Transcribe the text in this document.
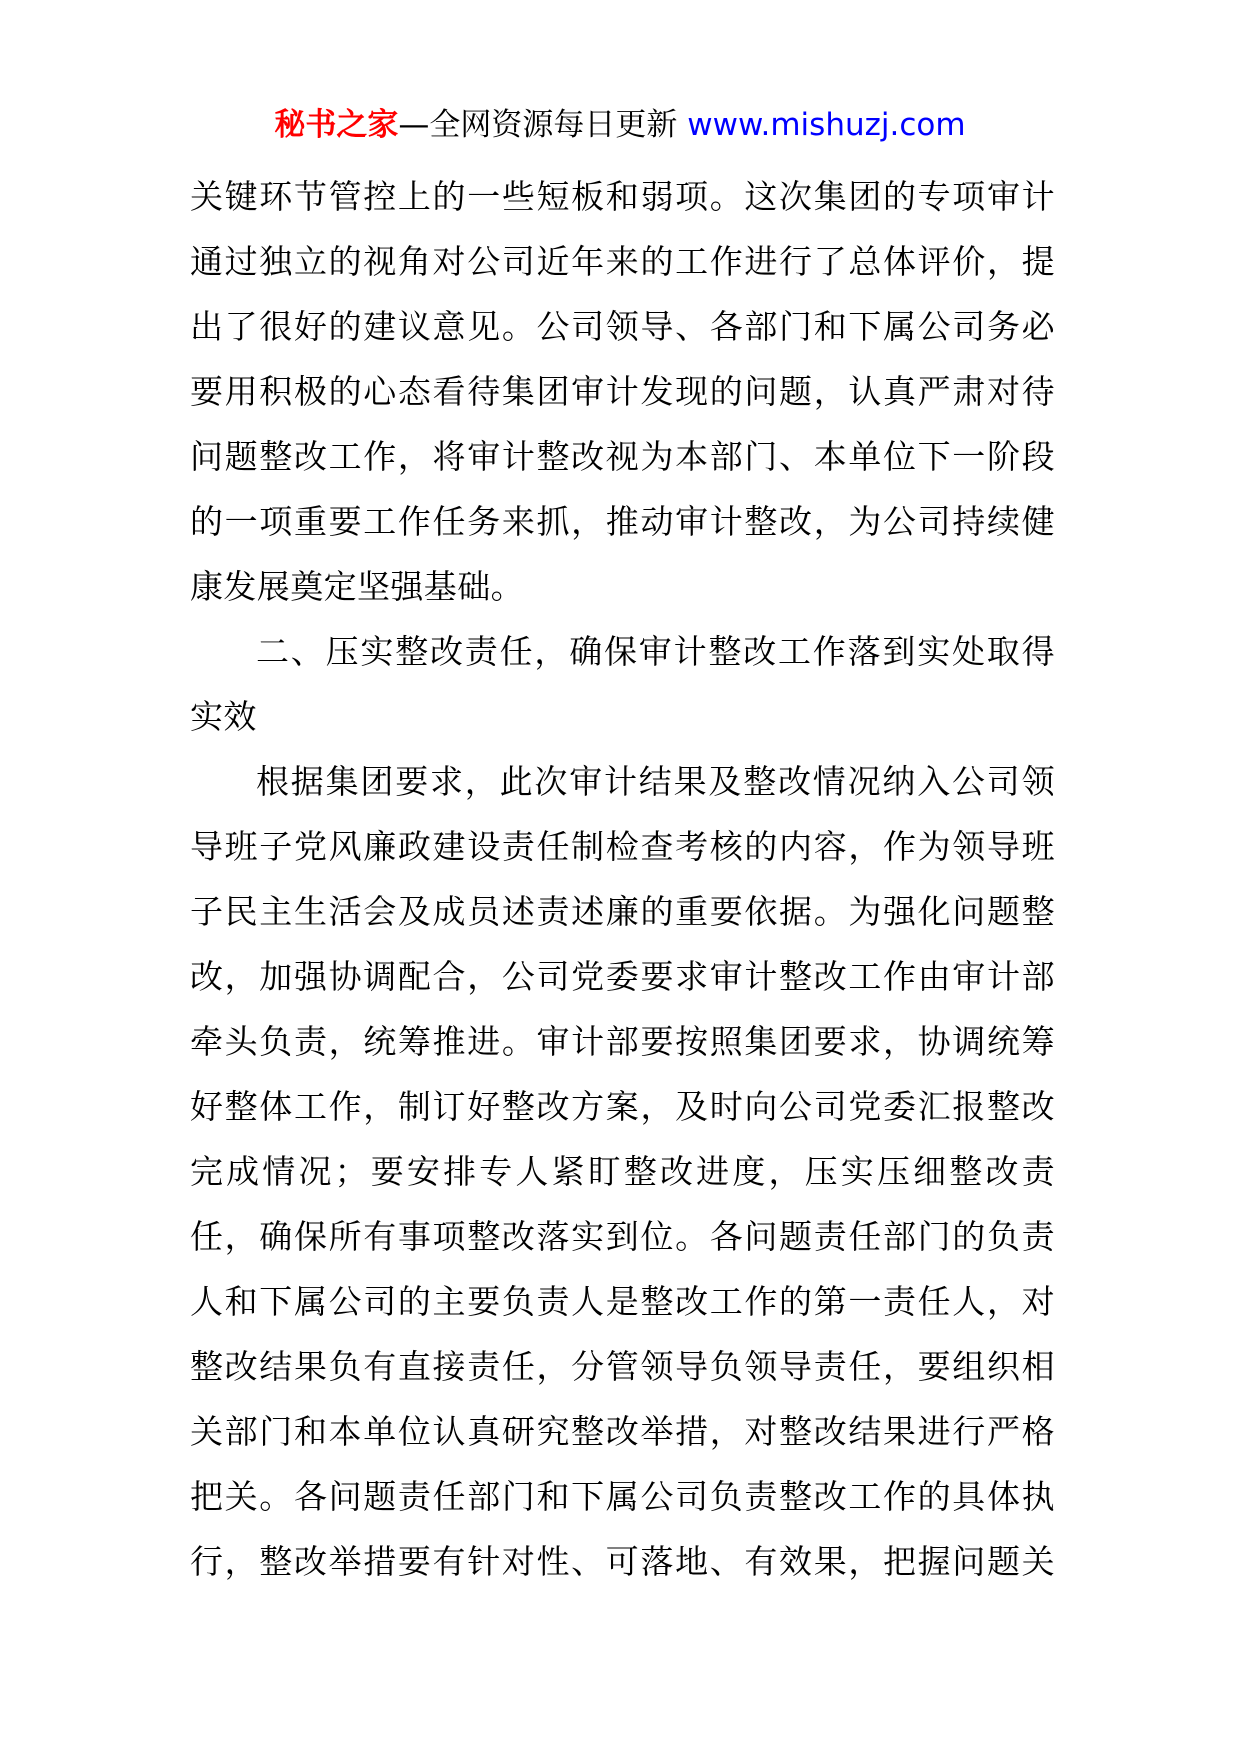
秘书之家—全网资源每日更新 www.mishuzj.com
关键环节管控上的一些短板和弱项。这次集团的专项审计
通过独立的视角对公司近年来的工作进行了总体评价，提
出了很好的建议意见。公司领导、各部门和下属公司务必
要用积极的心态看待集团审计发现的问题，认真严肃对待
问题整改工作，将审计整改视为本部门、本单位下一阶段
的一项重要工作任务来抓，推动审计整改，为公司持续健
康发展奠定坚强基础。
二、压实整改责任，确保审计整改工作落到实处取得
实效
根据集团要求，此次审计结果及整改情况纳入公司领
导班子党风廉政建设责任制检查考核的内容，作为领导班
子民主生活会及成员述责述廉的重要依据。为强化问题整
改，加强协调配合，公司党委要求审计整改工作由审计部
牵头负责，统筹推进。审计部要按照集团要求，协调统筹
好整体工作，制订好整改方案，及时向公司党委汇报整改
完成情况；要安排专人紧盯整改进度，压实压细整改责
任，确保所有事项整改落实到位。各问题责任部门的负责
人和下属公司的主要负责人是整改工作的第一责任人，对
整改结果负有直接责任，分管领导负领导责任，要组织相
关部门和本单位认真研究整改举措，对整改结果进行严格
把关。各问题责任部门和下属公司负责整改工作的具体执
行，整改举措要有针对性、可落地、有效果，把握问题关
